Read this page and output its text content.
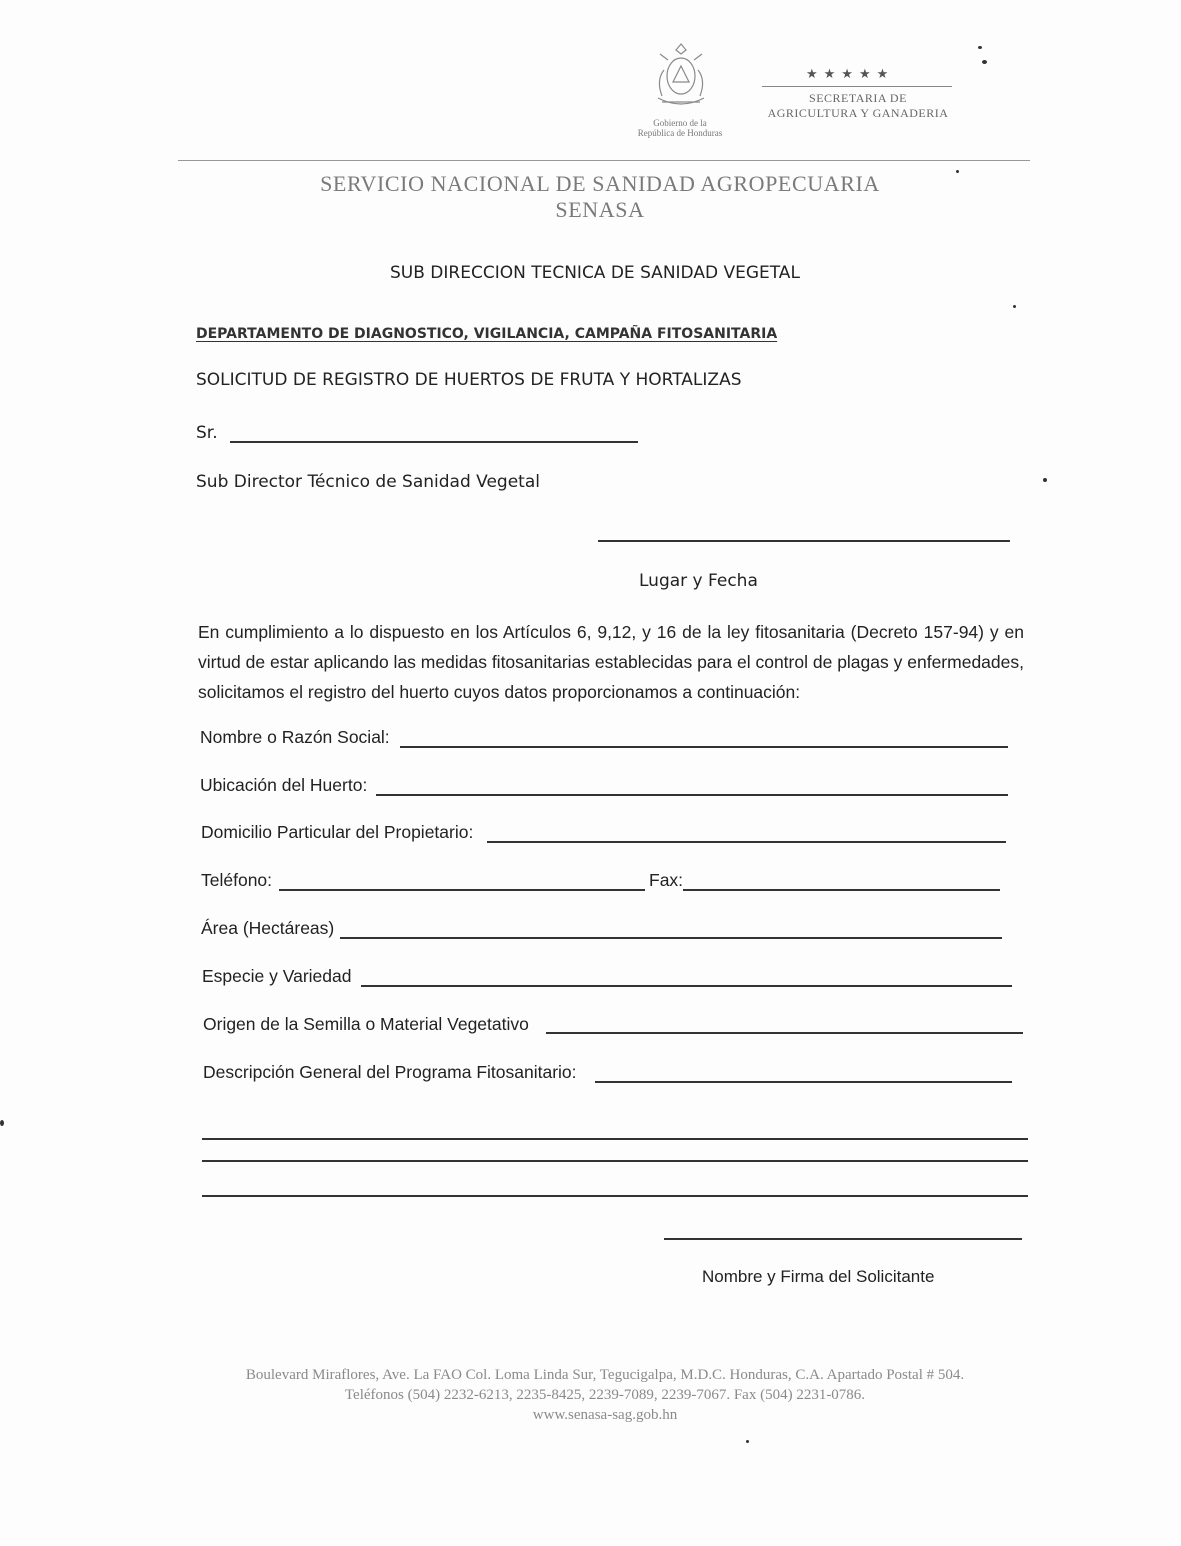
Gobierno de la
República de Honduras
★★★★★
SECRETARIA DE
AGRICULTURA Y GANADERIA
SERVICIO NACIONAL DE SANIDAD AGROPECUARIA
SENASA
SUB DIRECCION TECNICA DE SANIDAD VEGETAL
DEPARTAMENTO DE DIAGNOSTICO, VIGILANCIA, CAMPAÑA FITOSANITARIA
SOLICITUD DE REGISTRO DE HUERTOS DE FRUTA Y HORTALIZAS
Sr.
Sub Director Técnico de Sanidad Vegetal
Lugar y Fecha
En cumplimiento a lo dispuesto en los Artículos 6, 9,12, y 16 de la ley fitosanitaria (Decreto 157-94) y en virtud de estar aplicando las medidas fitosanitarias establecidas para el control de plagas y enfermedades, solicitamos el registro del huerto cuyos datos proporcionamos a continuación:
Nombre o Razón Social:
Ubicación del Huerto:
Domicilio Particular del Propietario:
Teléfono:	Fax:
Área (Hectáreas)
Especie y Variedad
Origen de la Semilla o Material Vegetativo
Descripción General del Programa Fitosanitario:
Nombre y Firma del Solicitante
Boulevard Miraflores, Ave. La FAO Col. Loma Linda Sur, Tegucigalpa, M.D.C. Honduras, C.A. Apartado Postal # 504.
Teléfonos (504) 2232-6213, 2235-8425, 2239-7089, 2239-7067. Fax (504) 2231-0786.
www.senasa-sag.gob.hn
